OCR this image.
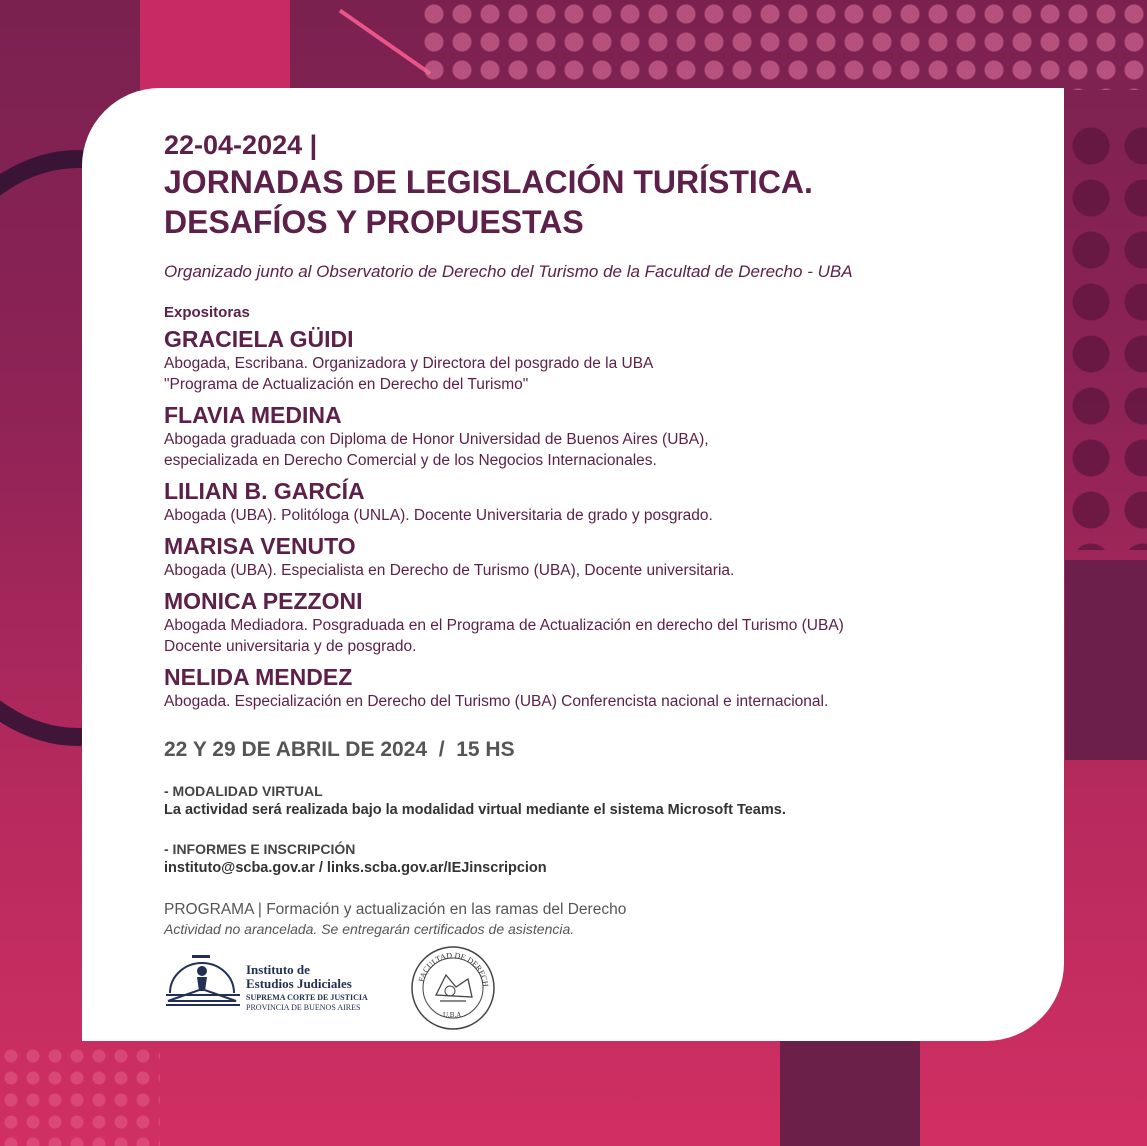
22-04-2024 |
JORNADAS DE LEGISLACIÓN TURÍSTICA.
DESAFÍOS Y PROPUESTAS
Organizado junto al Observatorio de Derecho del Turismo de la Facultad de Derecho - UBA
Expositoras
GRACIELA GÜIDI
Abogada, Escribana. Organizadora y Directora del posgrado de la UBA
"Programa de Actualización en Derecho del Turismo"
FLAVIA MEDINA
Abogada graduada con Diploma de Honor Universidad de Buenos Aires (UBA),
especializada en Derecho Comercial y de los Negocios Internacionales.
LILIAN B. GARCÍA
Abogada (UBA). Politóloga (UNLA). Docente Universitaria de grado y posgrado.
MARISA VENUTO
Abogada (UBA). Especialista en Derecho de Turismo (UBA), Docente universitaria.
MONICA PEZZONI
Abogada Mediadora. Posgraduada en el Programa de Actualización en derecho del Turismo (UBA)
Docente universitaria y de posgrado.
NELIDA MENDEZ
Abogada. Especialización en Derecho del Turismo (UBA) Conferencista nacional e internacional.
22 Y 29 DE ABRIL DE 2024  /  15 HS
- MODALIDAD VIRTUAL
La actividad será realizada bajo la modalidad virtual mediante el sistema Microsoft Teams.
- INFORMES E INSCRIPCIÓN
instituto@scba.gov.ar / links.scba.gov.ar/IEJinscripcion
PROGRAMA | Formación y actualización en las ramas del Derecho
Actividad no arancelada. Se entregarán certificados de asistencia.
Instituto de
Estudios Judiciales
SUPREMA CORTE DE JUSTICIA
PROVINCIA DE BUENOS AIRES
FACULTAD DE DERECH
U.B.A.
